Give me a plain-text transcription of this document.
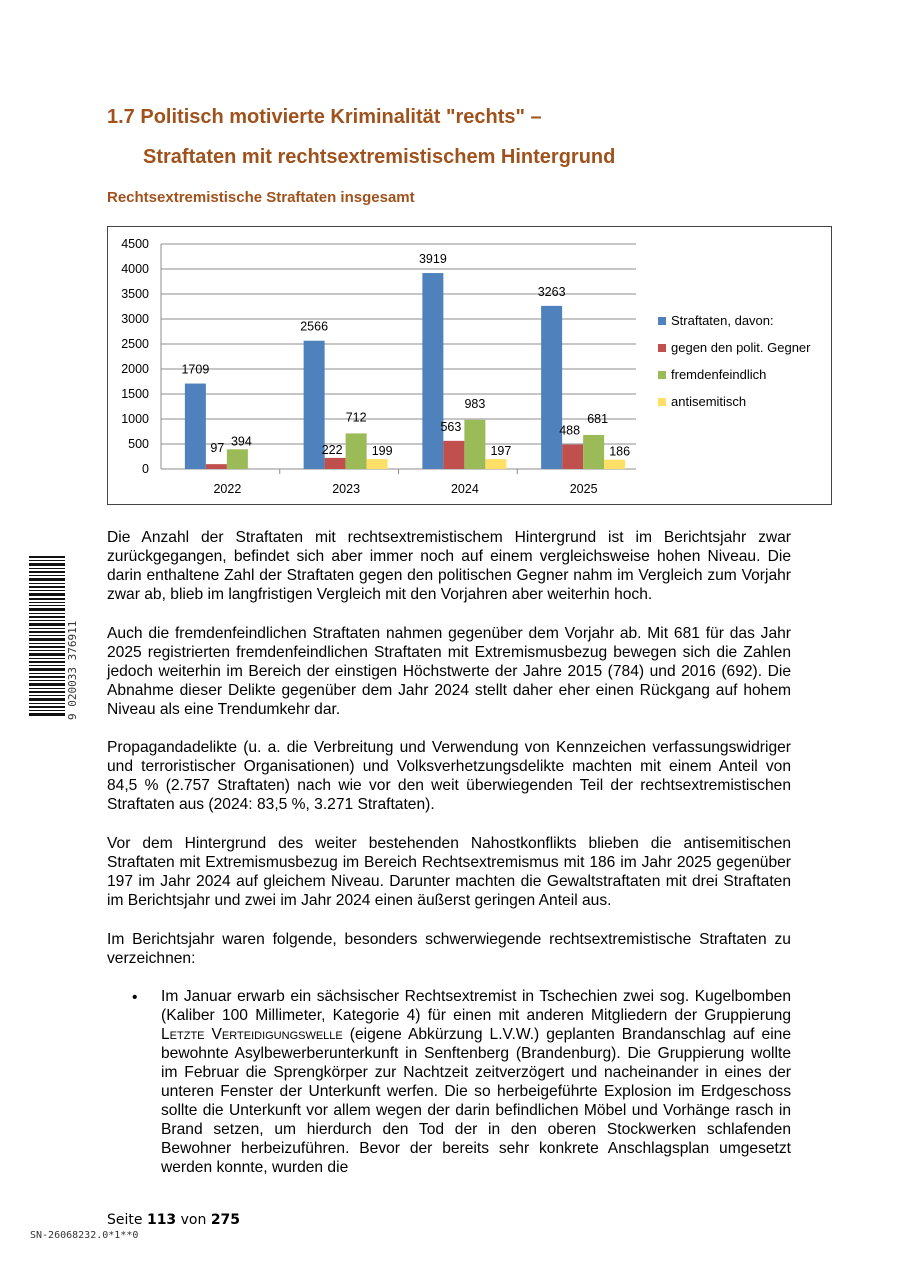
1.7 Politisch motivierte Kriminalität "rechts" –
Straftaten mit rechtsextremistischem Hintergrund
Rechtsextremistische Straftaten insgesamt
0
500
1000
1500
2000
2500
3000
3500
4000
4500
1709
97 394
2022
2566
222
712
199
2023
3919
563
983
197
2024
3263
488
681
186
2025
Straftaten, davon:
gegen den polit. Gegner
fremdenfeindlich
antisemitisch
Die Anzahl der Straftaten mit rechtsextremistischem Hintergrund ist im Berichtsjahr zwar zurückgegangen, befindet sich aber immer noch auf einem vergleichsweise hohen Niveau. Die darin enthaltene Zahl der Straftaten gegen den politischen Gegner nahm im Vergleich zum Vorjahr zwar ab, blieb im langfristigen Vergleich mit den Vorjahren aber weiterhin hoch.
Auch die fremdenfeindlichen Straftaten nahmen gegenüber dem Vorjahr ab. Mit 681 für das Jahr 2025 registrierten fremdenfeindlichen Straftaten mit Extremismusbezug bewegen sich die Zahlen jedoch weiterhin im Bereich der einstigen Höchstwerte der Jahre 2015 (784) und 2016 (692). Die Abnahme dieser Delikte gegenüber dem Jahr 2024 stellt daher eher einen Rückgang auf hohem Niveau als eine Trendumkehr dar.
Propagandadelikte (u. a. die Verbreitung und Verwendung von Kennzeichen verfassungswidriger und terroristischer Organisationen) und Volksverhetzungsdelikte machten mit einem Anteil von 84,5 % (2.757 Straftaten) nach wie vor den weit überwiegenden Teil der rechtsextremistischen Straftaten aus (2024: 83,5 %, 3.271 Straftaten).
Vor dem Hintergrund des weiter bestehenden Nahostkonflikts blieben die antisemitischen Straftaten mit Extremismusbezug im Bereich Rechtsextremismus mit 186 im Jahr 2025 gegenüber 197 im Jahr 2024 auf gleichem Niveau. Darunter machten die Gewaltstraftaten mit drei Straftaten im Berichtsjahr und zwei im Jahr 2024 einen äußerst geringen Anteil aus.
Im Berichtsjahr waren folgende, besonders schwerwiegende rechtsextremistische Straftaten zu verzeichnen:
• Im Januar erwarb ein sächsischer Rechtsextremist in Tschechien zwei sog. Kugelbomben (Kaliber 100 Millimeter, Kategorie 4) für einen mit anderen Mitgliedern der Gruppierung Letzte Verteidigungswelle (eigene Abkürzung L.V.W.) geplanten Brandanschlag auf eine bewohnte Asylbewerberunterkunft in Senftenberg (Brandenburg). Die Gruppierung wollte im Februar die Sprengkörper zur Nachtzeit zeitverzögert und nacheinander in eines der unteren Fenster der Unterkunft werfen. Die so herbeigeführte Explosion im Erdgeschoss sollte die Unterkunft vor allem wegen der darin befindlichen Möbel und Vorhänge rasch in Brand setzen, um hierdurch den Tod der in den oberen Stockwerken schlafenden Bewohner herbeizuführen. Bevor der bereits sehr konkrete Anschlagsplan umgesetzt werden konnte, wurden die
Seite 113 von 275
SN-26068232.0*1**0
9 020033 376911
